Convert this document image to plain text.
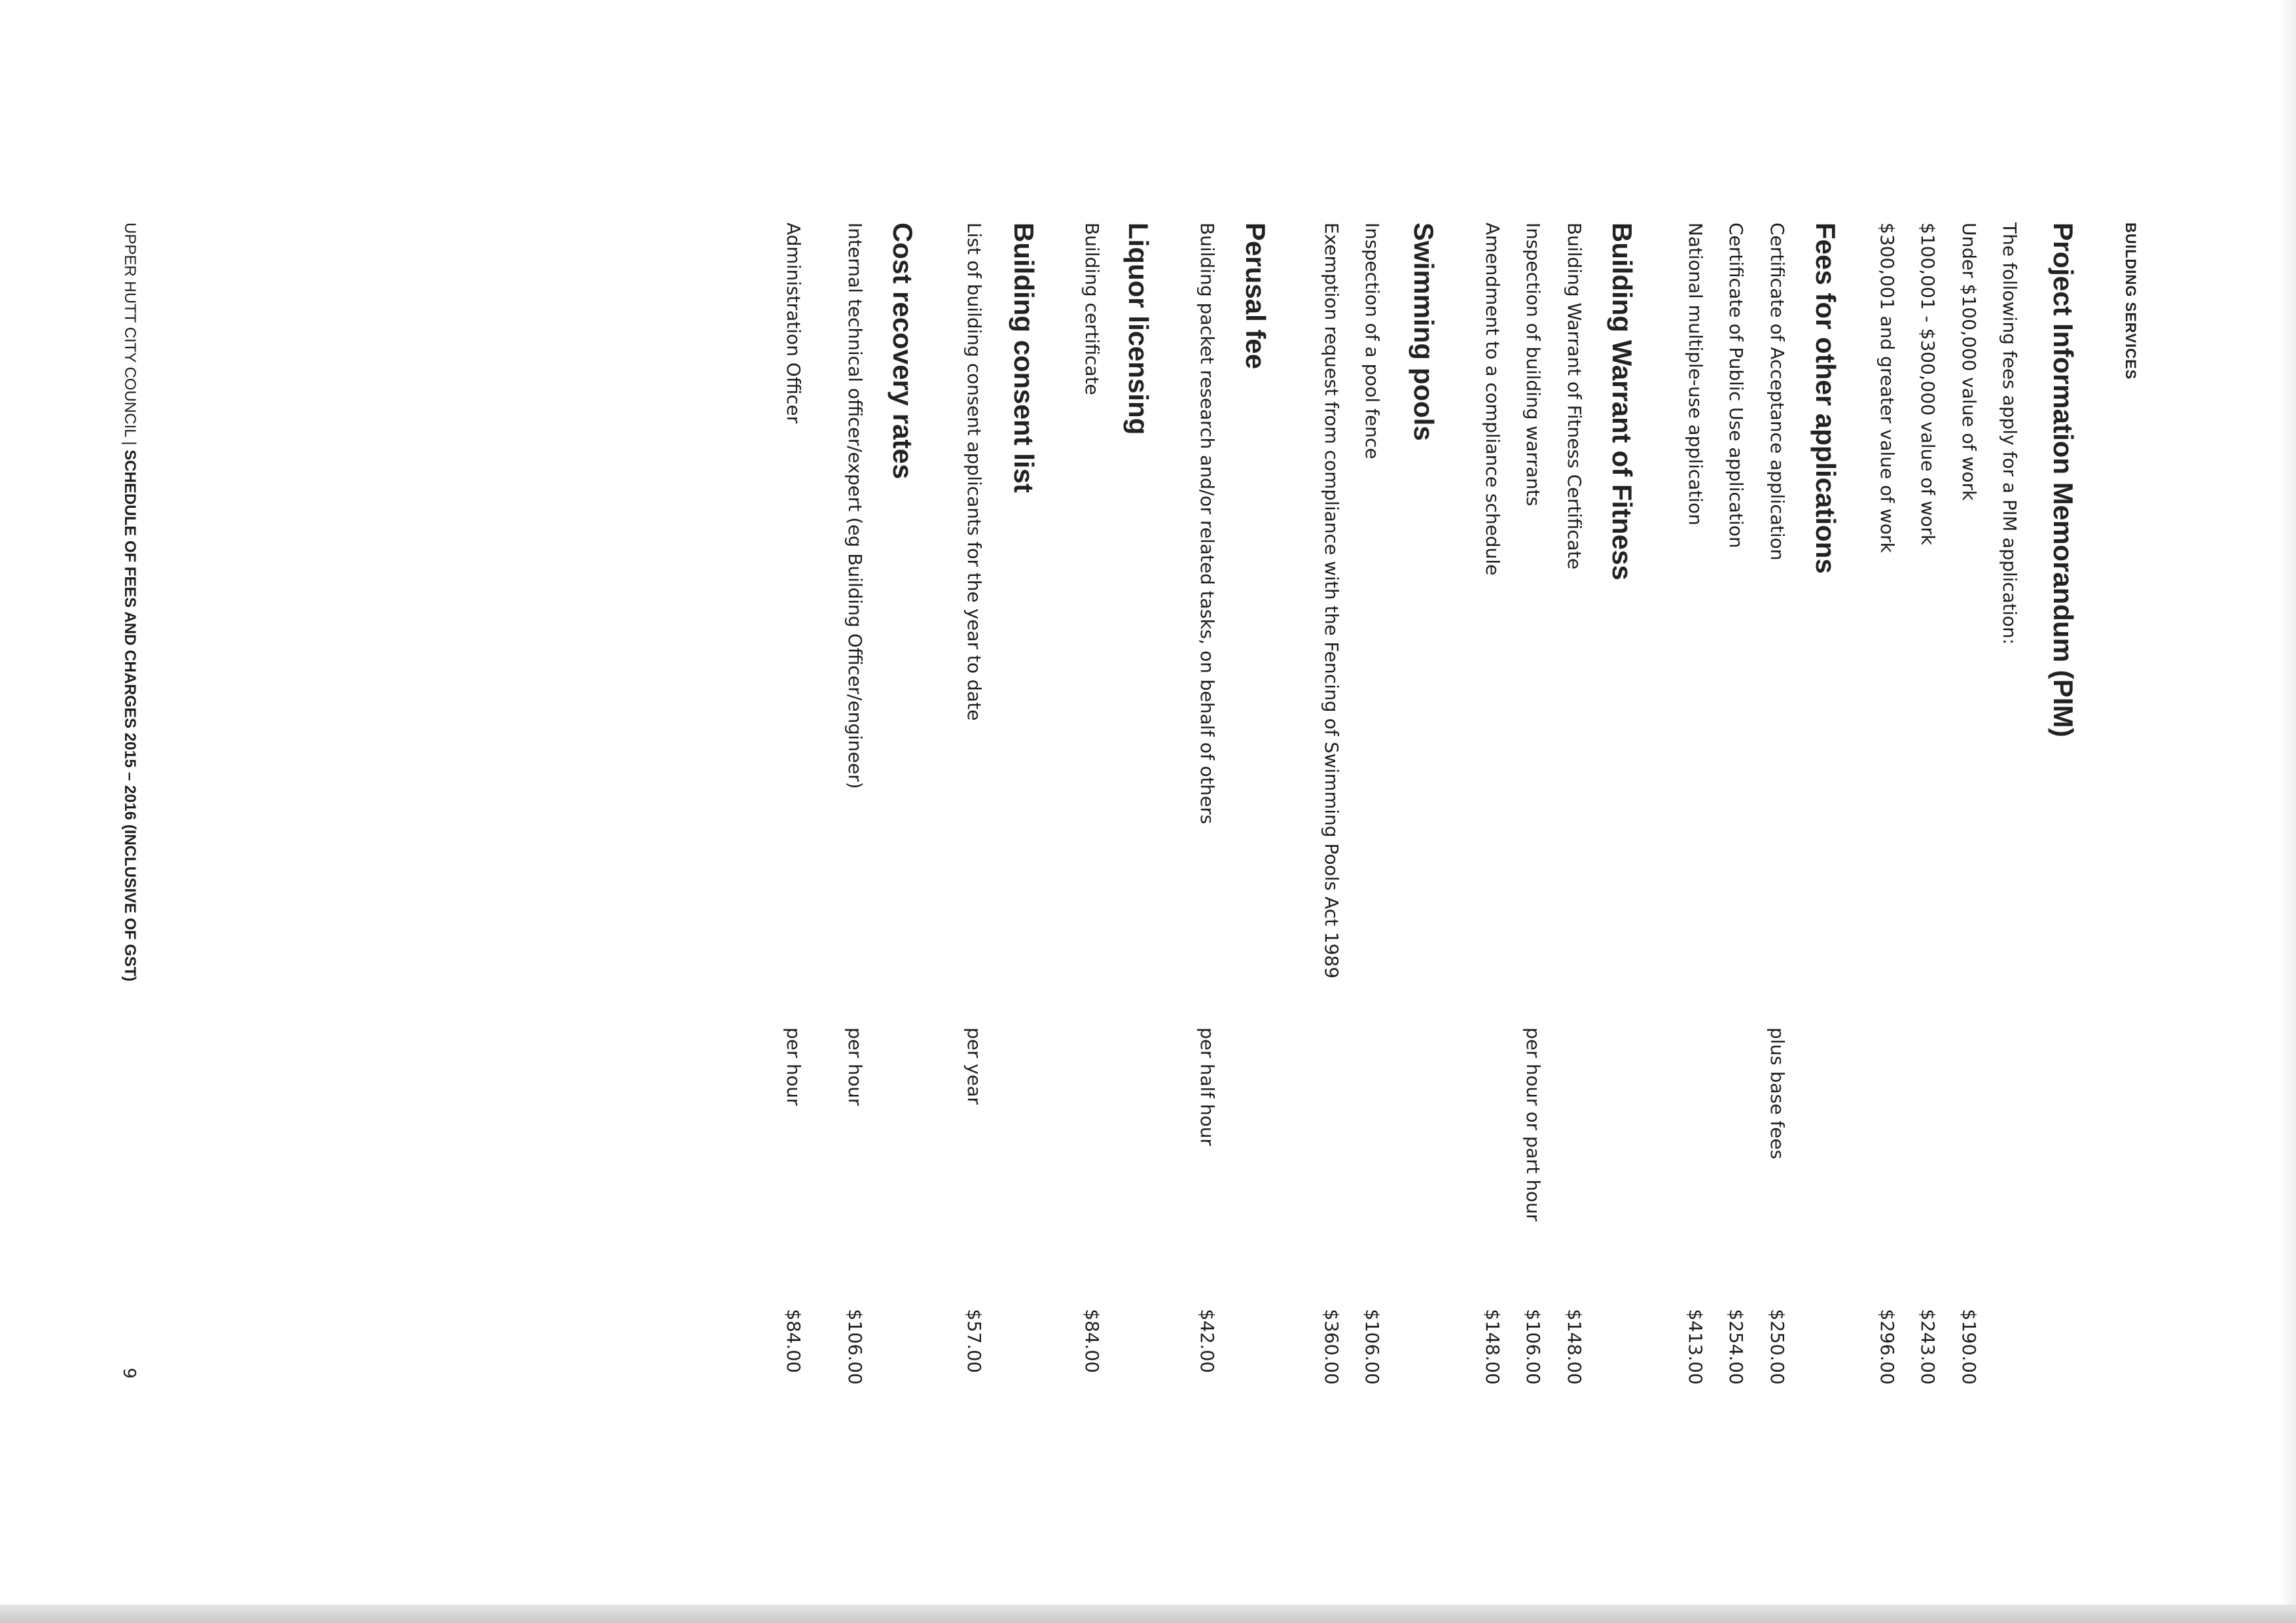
BUILDING SERVICES
Project Information Memorandum (PIM)
The following fees apply for a PIM application:
Under $100,000 value of work
$190.00
$100,001 - $300,000 value of work
$243.00
$300,001 and greater value of work
$296.00
Fees for other applications
Certificate of Acceptance application
plus base fees
$250.00
Certificate of Public Use application
$254.00
National multiple-use application
$413.00
Building Warrant of Fitness
Building Warrant of Fitness Certificate
$148.00
Inspection of building warrants
per hour or part hour
$106.00
Amendment to a compliance schedule
$148.00
Swimming pools
Inspection of a pool fence
$106.00
Exemption request from compliance with the Fencing of Swimming Pools Act 1989
$360.00
Perusal fee
Building packet research and/or related tasks, on behalf of others
per half hour
$42.00
Liquor licensing
Building certificate
$84.00
Building consent list
List of building consent applicants for the year to date
per year
$57.00
Cost recovery rates
Internal technical officer/expert (eg Building Officer/engineer)
per hour
$106.00
Administration Officer
per hour
$84.00
UPPER HUTT CITY COUNCIL | SCHEDULE OF FEES AND CHARGES 2015 – 2016 (INCLUSIVE OF GST)
9
